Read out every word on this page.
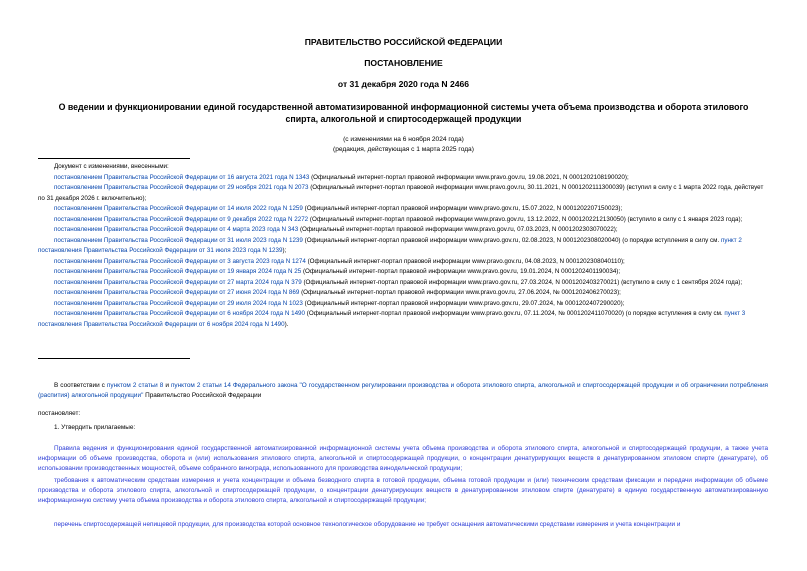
ПРАВИТЕЛЬСТВО РОССИЙСКОЙ ФЕДЕРАЦИИ
ПОСТАНОВЛЕНИЕ
от 31 декабря 2020 года N 2466
О ведении и функционировании единой государственной автоматизированной информационной системы учета объема производства и оборота этилового
спирта, алкогольной и спиртосодержащей продукции
(с изменениями на 6 ноября 2024 года)
(редакция, действующая с 1 марта 2025 года)

Документ с изменениями, внесенными:

постановлением Правительства Российской Федерации от 16 августа 2021 года N 1343 (Официальный интернет-портал правовой информации www.pravo.gov.ru, 19.08.2021, N 0001202108190020);

постановлением Правительства Российской Федерации от 29 ноября 2021 года N 2073 (Официальный интернет-портал правовой информации www.pravo.gov.ru, 30.11.2021, N 0001202111300039) (вступил в силу с 1 марта 2022 года, действует по 31 декабря 2026 г. включительно);

постановлением Правительства Российской Федерации от 14 июля 2022 года N 1259 (Официальный интернет-портал правовой информации www.pravo.gov.ru, 15.07.2022, N 0001202207150023);

постановлением Правительства Российской Федерации от 9 декабря 2022 года N 2272 (Официальный интернет-портал правовой информации www.pravo.gov.ru, 13.12.2022, N 0001202212130050) (вступило в силу с 1 января 2023 года);

постановлением Правительства Российской Федерации от 4 марта 2023 года N 343 (Официальный интернет-портал правовой информации www.pravo.gov.ru, 07.03.2023, N 0001202303070022);

постановлением Правительства Российской Федерации от 31 июля 2023 года N 1239 (Официальный интернет-портал правовой информации www.pravo.gov.ru, 02.08.2023, N 0001202308020040) (о порядке вступления в силу см. пункт 2 постановления Правительства Российской Федерации от 31 июля 2023 года N 1239);

постановлением Правительства Российской Федерации от 3 августа 2023 года N 1274 (Официальный интернет-портал правовой информации www.pravo.gov.ru, 04.08.2023, N 0001202308040110);

постановлением Правительства Российской Федерации от 19 января 2024 года N 25 (Официальный интернет-портал правовой информации www.pravo.gov.ru, 19.01.2024, N 0001202401190034);

постановлением Правительства Российской Федерации от 27 марта 2024 года N 379 (Официальный интернет-портал правовой информации www.pravo.gov.ru, 27.03.2024, N 0001202403270021) (вступило в силу с 1 сентября 2024 года);

постановлением Правительства Российской Федерации от 27 июня 2024 года N 869 (Официальный интернет-портал правовой информации www.pravo.gov.ru, 27.06.2024, № 0001202406270023);

постановлением Правительства Российской Федерации от 29 июля 2024 года N 1023 (Официальный интернет-портал правовой информации www.pravo.gov.ru, 29.07.2024, № 0001202407290020);

постановлением Правительства Российской Федерации от 6 ноября 2024 года N 1490 (Официальный интернет-портал правовой информации www.pravo.gov.ru, 07.11.2024, № 0001202411070020) (о порядке вступления в силу см. пункт 3 постановления Правительства Российской Федерации от 6 ноября 2024 года N 1490).

В соответствии с пунктом 2 статьи 8 и пунктом 2 статьи 14 Федерального закона "О государственном регулировании производства и оборота этилового спирта, алкогольной и спиртосодержащей продукции и об ограничении потребления (распития) алкогольной продукции" Правительство Российской Федерации

постановляет:

1. Утвердить прилагаемые:

Правила ведения и функционирования единой государственной автоматизированной информационной системы учета объема производства и оборота этилового спирта, алкогольной и спиртосодержащей продукции, а также учета информации об объеме производства, оборота и (или) использования этилового спирта, алкогольной и спиртосодержащей продукции, о концентрации денатурирующих веществ в денатурированном этиловом спирте (денатурате), об использовании производственных мощностей, объеме собранного винограда, использованного для производства винодельческой продукции;

требования к автоматическим средствам измерения и учета концентрации и объема безводного спирта в готовой продукции, объема готовой продукции и (или) техническим средствам фиксации и передачи информации об объеме производства и оборота этилового спирта, алкогольной и спиртосодержащей продукции, о концентрации денатурирующих веществ в денатурированном этиловом спирте (денатурате) в единую государственную автоматизированную информационную систему учета объема производства и оборота этилового спирта, алкогольной и спиртосодержащей продукции;

перечень спиртосодержащей непищевой продукции, для производства которой основное технологическое оборудование не требует оснащения автоматическими средствами измерения и учета концентрации и
